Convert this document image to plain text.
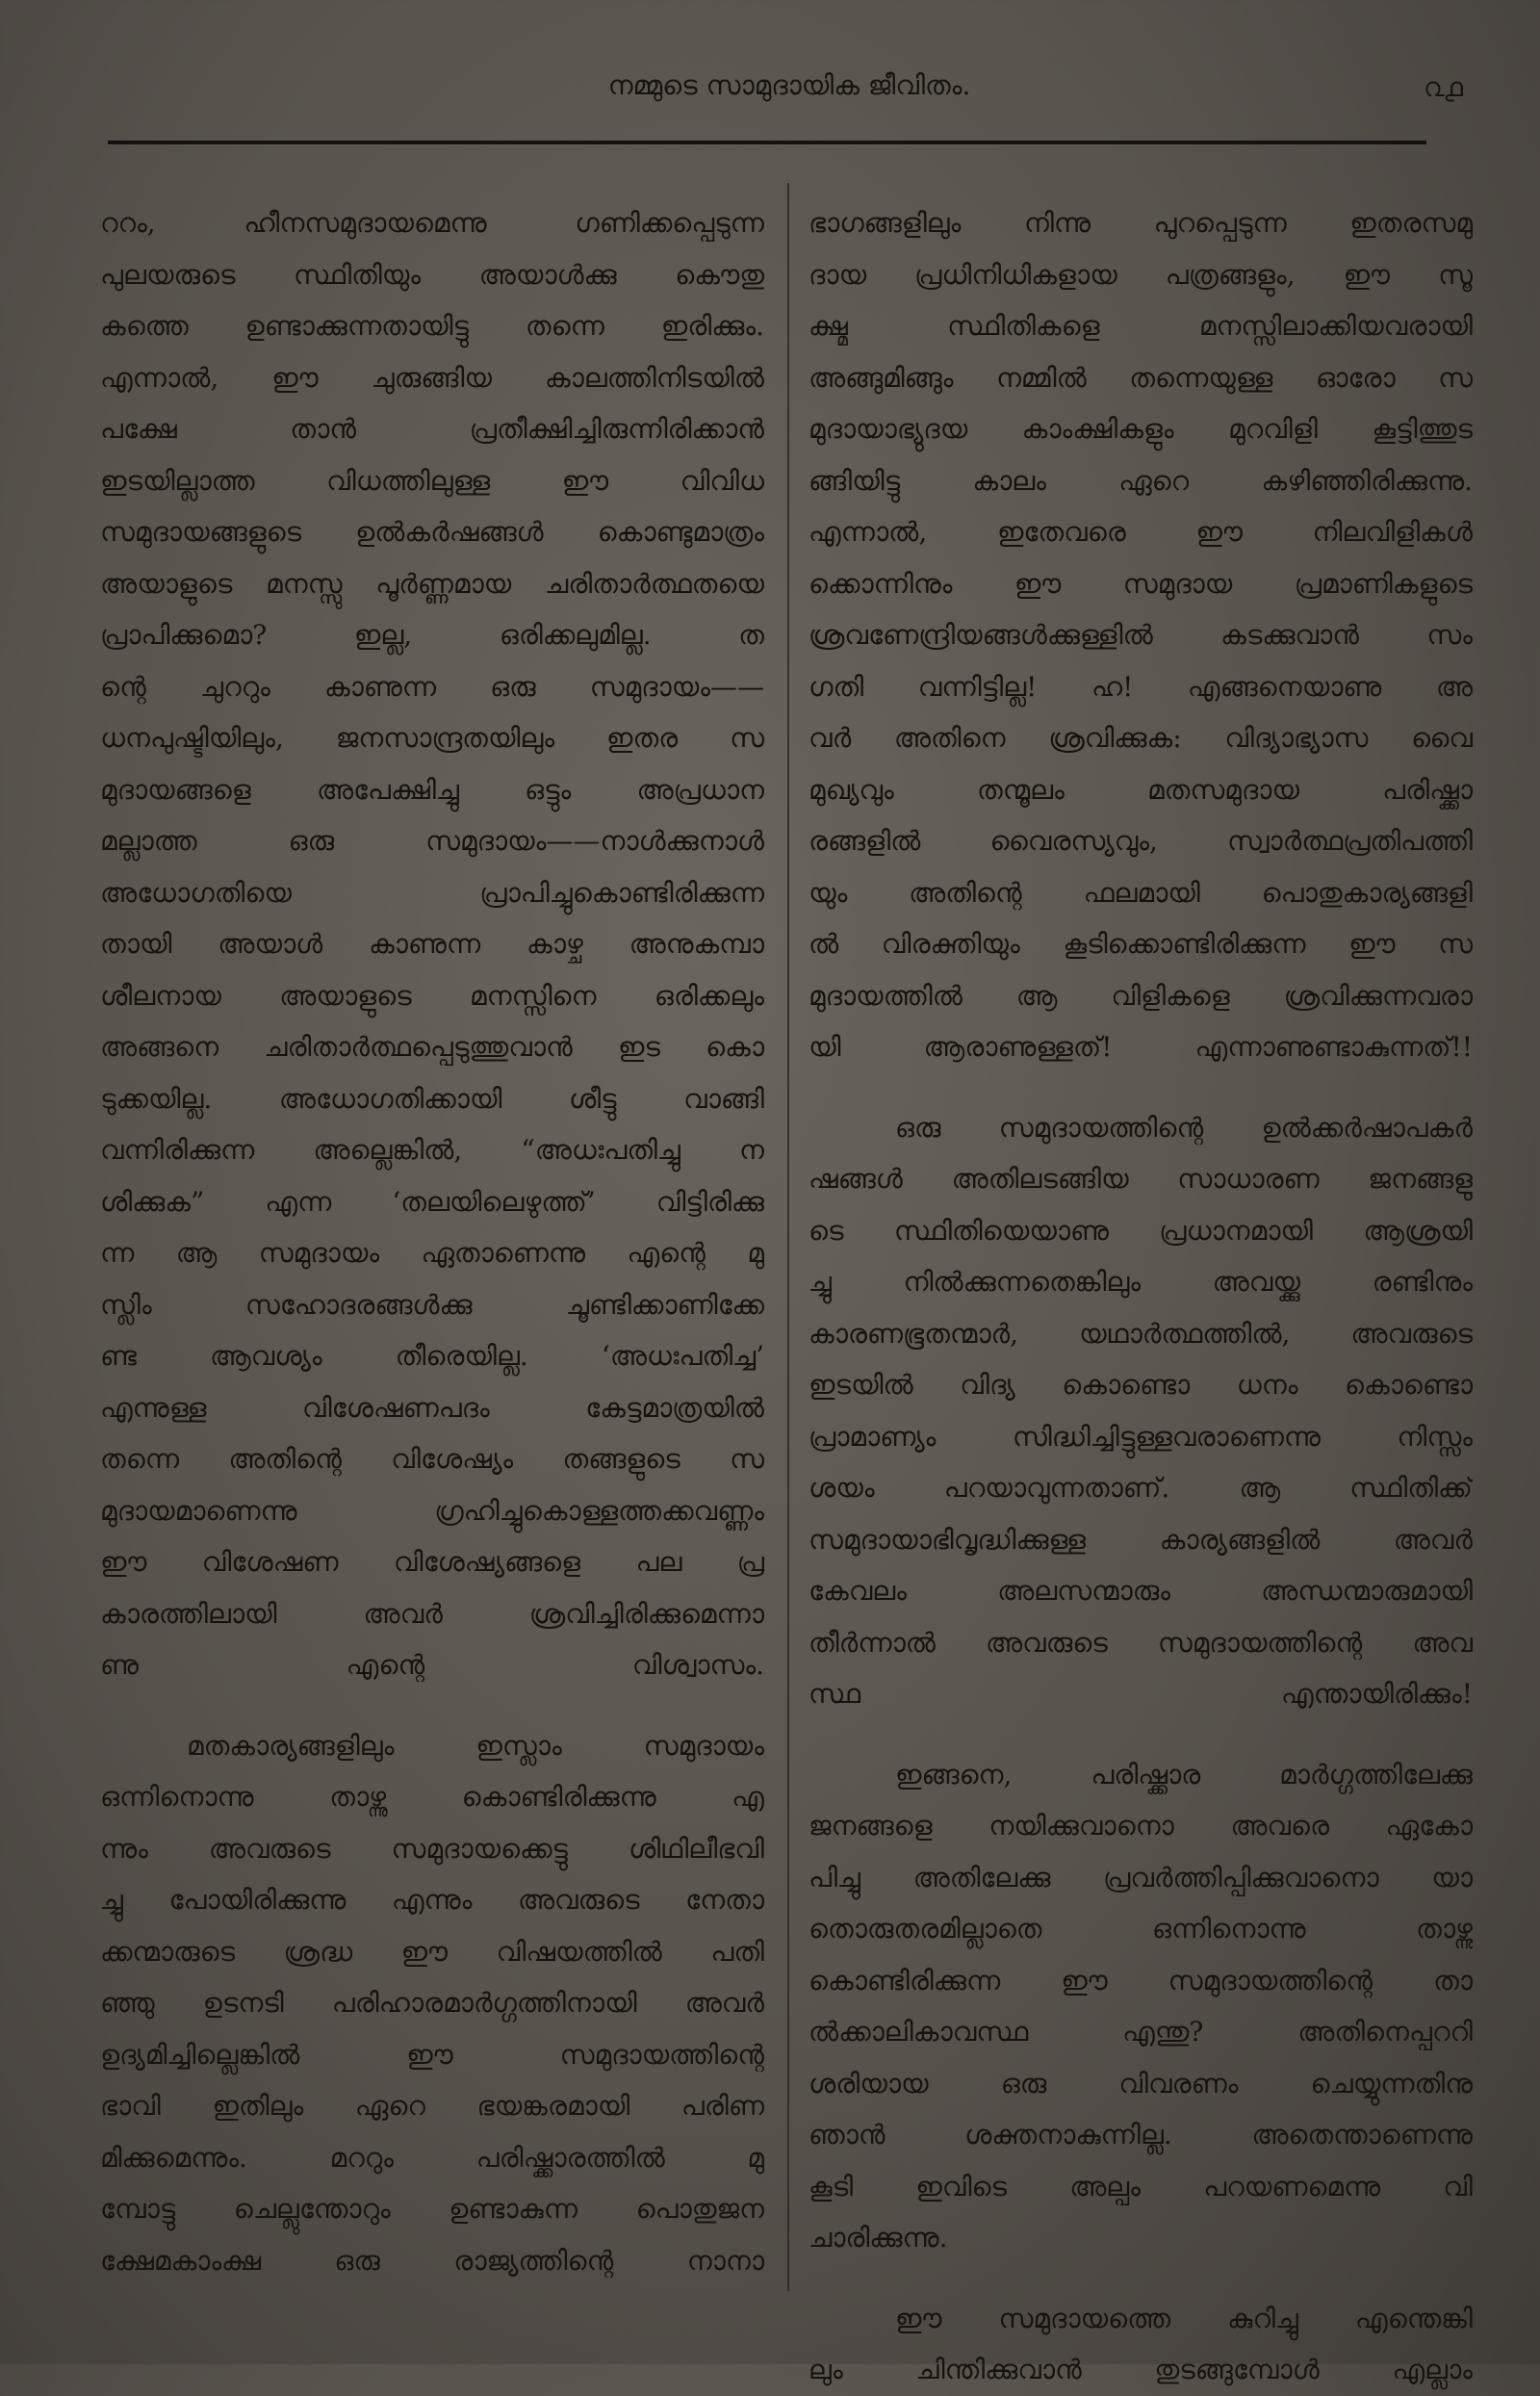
നമ്മുടെ സാമുദായിക ജീവിതം.	൨൧
ററം, ഹീനസമുദായമെന്നു ഗണിക്കപ്പെടുന്ന
പുലയരുടെ സ്ഥിതിയും അയാൾക്കു കൌതു
കത്തെ ഉണ്ടാക്കുന്നതായിട്ടു തന്നെ ഇരിക്കും.
എന്നാൽ, ഈ ചുരുങ്ങിയ കാലത്തിനിടയിൽ
പക്ഷേ താൻ പ്രതീക്ഷിച്ചിരുന്നിരിക്കാൻ
ഇടയില്ലാത്ത വിധത്തിലുള്ള ഈ വിവിധ
സമുദായങ്ങളുടെ ഉൽകർഷങ്ങൾ കൊണ്ടുമാത്രം
അയാളുടെ മനസ്സു പൂർണ്ണമായ ചരിതാർത്ഥതയെ
പ്രാപിക്കുമൊ? ഇല്ല, ഒരിക്കലുമില്ല. ത
ന്റെ ചുററും കാണുന്ന ഒരു സമുദായം——
ധനപുഷ്ടിയിലും, ജനസാന്ദ്രതയിലും ഇതര സ
മുദായങ്ങളെ അപേക്ഷിച്ചു ഒട്ടും അപ്രധാന
മല്ലാത്ത ഒരു സമുദായം——നാൾക്കുനാൾ
അധോഗതിയെ പ്രാപിച്ചുകൊണ്ടിരിക്കുന്ന
തായി അയാൾ കാണുന്ന കാഴ്ച അനുകമ്പാ
ശീലനായ അയാളുടെ മനസ്സിനെ ഒരിക്കലും
അങ്ങനെ ചരിതാർത്ഥപ്പെടുത്തുവാൻ ഇട കൊ
ടുക്കയില്ല. അധോഗതിക്കായി ശീട്ടു വാങ്ങി
വന്നിരിക്കുന്ന അല്ലെങ്കിൽ, “അധഃപതിച്ചു ന
ശിക്കുക” എന്ന ‘തലയിലെഴുത്ത്’ വിട്ടിരിക്കു
ന്ന ആ സമുദായം ഏതാണെന്നു എന്റെ മു
സ്ലിം സഹോദരങ്ങൾക്കു ചൂണ്ടിക്കാണിക്കേ
ണ്ട ആവശ്യം തീരെയില്ല. ‘അധഃപതിച്ച’
എന്നുള്ള വിശേഷണപദം കേട്ടമാത്രയിൽ
തന്നെ അതിന്റെ വിശേഷ്യം തങ്ങളുടെ സ
മുദായമാണെന്നു ഗ്രഹിച്ചുകൊള്ളത്തക്കവണ്ണം
ഈ വിശേഷണ വിശേഷ്യങ്ങളെ പല പ്ര
കാരത്തിലായി അവർ ശ്രവിച്ചിരിക്കുമെന്നാ
ണു എന്റെ വിശ്വാസം.
മതകാര്യങ്ങളിലും ഇസ്ലാം സമുദായം
ഒന്നിനൊന്നു താഴ്ന്നു കൊണ്ടിരിക്കുന്നു എ
ന്നും അവരുടെ സമുദായക്കെട്ടു ശിഥിലീഭവി
ച്ചു പോയിരിക്കുന്നു എന്നും അവരുടെ നേതാ
ക്കന്മാരുടെ ശ്രദ്ധ ഈ വിഷയത്തിൽ പതി
ഞ്ഞു ഉടനടി പരിഹാരമാർഗ്ഗത്തിനായി അവർ
ഉദ്യമിച്ചില്ലെങ്കിൽ ഈ സമുദായത്തിന്റെ
ഭാവി ഇതിലും ഏറെ ഭയങ്കരമായി പരിണ
മിക്കുമെന്നും. മററും പരിഷ്ക്കാരത്തിൽ മു
മ്പോട്ടു ചെല്ലുന്തോറും ഉണ്ടാകുന്ന പൊതുജന
ക്ഷേമകാംക്ഷ ഒരു രാജ്യത്തിന്റെ നാനാ
ഭാഗങ്ങളിലും നിന്നു പുറപ്പെടുന്ന ഇതരസമു
ദായ പ്രധിനിധികളായ പത്രങ്ങളും, ഈ സൂ
ക്ഷ്മ സ്ഥിതികളെ മനസ്സിലാക്കിയവരായി
അങ്ങുമിങ്ങും നമ്മിൽ തന്നെയുള്ള ഓരോ സ
മുദായാഭ്യുദയ കാംക്ഷികളും മുറവിളി കൂട്ടിത്തുട
ങ്ങിയിട്ടു കാലം ഏറെ കഴിഞ്ഞിരിക്കുന്നു.
എന്നാൽ, ഇതേവരെ ഈ നിലവിളികൾ
ക്കൊന്നിനും ഈ സമുദായ പ്രമാണികളുടെ
ശ്രവണേന്ദ്രിയങ്ങൾക്കുള്ളിൽ കടക്കുവാൻ സം
ഗതി വന്നിട്ടില്ല! ഹ! എങ്ങനെയാണു അ
വർ അതിനെ ശ്രവിക്കുക: വിദ്യാഭ്യാസ വൈ
മുഖ്യവും തന്മൂലം മതസമുദായ പരിഷ്ക്കാ
രങ്ങളിൽ വൈരസ്യവും, സ്വാർത്ഥപ്രതിപത്തി
യും അതിന്റെ ഫലമായി പൊതുകാര്യങ്ങളി
ൽ വിരക്തിയും കൂടിക്കൊണ്ടിരിക്കുന്ന ഈ സ
മുദായത്തിൽ ആ വിളികളെ ശ്രവിക്കുന്നവരാ
യി ആരാണുള്ളത്! എന്നാണുണ്ടാകുന്നത്!!
ഒരു സമുദായത്തിന്റെ ഉൽക്കർഷാപകർ
ഷങ്ങൾ അതിലടങ്ങിയ സാധാരണ ജനങ്ങളു
ടെ സ്ഥിതിയെയാണു പ്രധാനമായി ആശ്രയി
ച്ചു നിൽക്കുന്നതെങ്കിലും അവയ്ക്കു രണ്ടിനും
കാരണഭൂതന്മാർ, യഥാർത്ഥത്തിൽ, അവരുടെ
ഇടയിൽ വിദ്യ കൊണ്ടൊ ധനം കൊണ്ടൊ
പ്രാമാണ്യം സിദ്ധിച്ചിട്ടുള്ളവരാണെന്നു നിസ്സം
ശയം പറയാവുന്നതാണ്. ആ സ്ഥിതിക്ക്
സമുദായാഭിവൃദ്ധിക്കുള്ള കാര്യങ്ങളിൽ അവർ
കേവലം അലസന്മാരും അന്ധന്മാരുമായി
തീർന്നാൽ അവരുടെ സമുദായത്തിന്റെ അവ
സ്ഥ എന്തായിരിക്കും!
ഇങ്ങനെ, പരിഷ്ക്കാര മാർഗ്ഗത്തിലേക്കു
ജനങ്ങളെ നയിക്കുവാനൊ അവരെ ഏകോ
പിച്ചു അതിലേക്കു പ്രവർത്തിപ്പിക്കുവാനൊ യാ
തൊരുതരമില്ലാതെ ഒന്നിനൊന്നു താഴ്ന്നു
കൊണ്ടിരിക്കുന്ന ഈ സമുദായത്തിന്റെ താ
ൽക്കാലികാവസ്ഥ എന്തു? അതിനെപ്പററി
ശരിയായ ഒരു വിവരണം ചെയ്യുന്നതിനു
ഞാൻ ശക്തനാകുന്നില്ല. അതെന്താണെന്നു
കൂടി ഇവിടെ അല്പം പറയണമെന്നു വി
ചാരിക്കുന്നു.
ഈ സമുദായത്തെ കുറിച്ചു എന്തെങ്കി
ലും ചിന്തിക്കുവാൻ തുടങ്ങുമ്പോൾ എല്ലാം
